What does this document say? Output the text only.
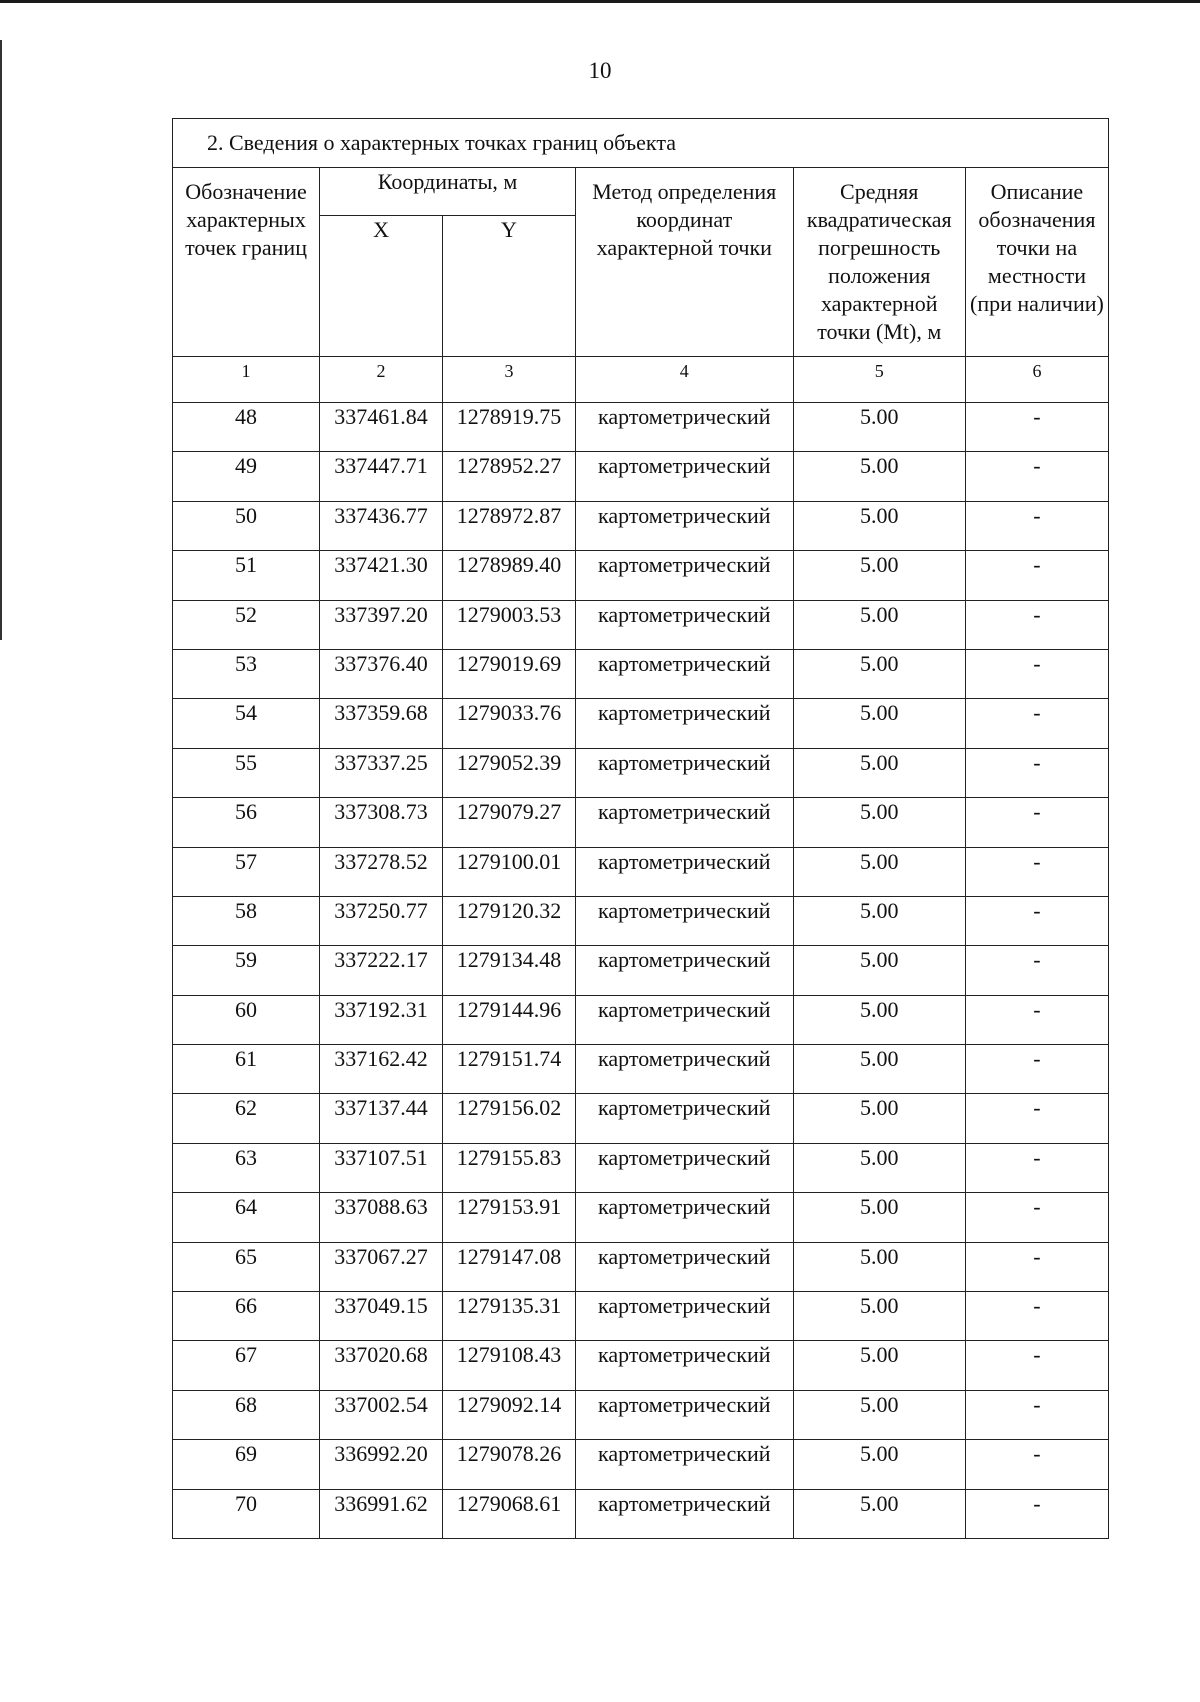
10
2. Сведения о характерных точках границ объекта					
Обозначение характерных точек границ	Координаты, м		Метод определения координат характерной точки	Средняя квадратическая погрешность положения характерной точки (Mt), м	Описание обозначения точки на местности (при наличии)
	X	Y			
1	2	3	4	5	6
48	337461.84	1278919.75	картометрический	5.00	-
49	337447.71	1278952.27	картометрический	5.00	-
50	337436.77	1278972.87	картометрический	5.00	-
51	337421.30	1278989.40	картометрический	5.00	-
52	337397.20	1279003.53	картометрический	5.00	-
53	337376.40	1279019.69	картометрический	5.00	-
54	337359.68	1279033.76	картометрический	5.00	-
55	337337.25	1279052.39	картометрический	5.00	-
56	337308.73	1279079.27	картометрический	5.00	-
57	337278.52	1279100.01	картометрический	5.00	-
58	337250.77	1279120.32	картометрический	5.00	-
59	337222.17	1279134.48	картометрический	5.00	-
60	337192.31	1279144.96	картометрический	5.00	-
61	337162.42	1279151.74	картометрический	5.00	-
62	337137.44	1279156.02	картометрический	5.00	-
63	337107.51	1279155.83	картометрический	5.00	-
64	337088.63	1279153.91	картометрический	5.00	-
65	337067.27	1279147.08	картометрический	5.00	-
66	337049.15	1279135.31	картометрический	5.00	-
67	337020.68	1279108.43	картометрический	5.00	-
68	337002.54	1279092.14	картометрический	5.00	-
69	336992.20	1279078.26	картометрический	5.00	-
70	336991.62	1279068.61	картометрический	5.00	-
